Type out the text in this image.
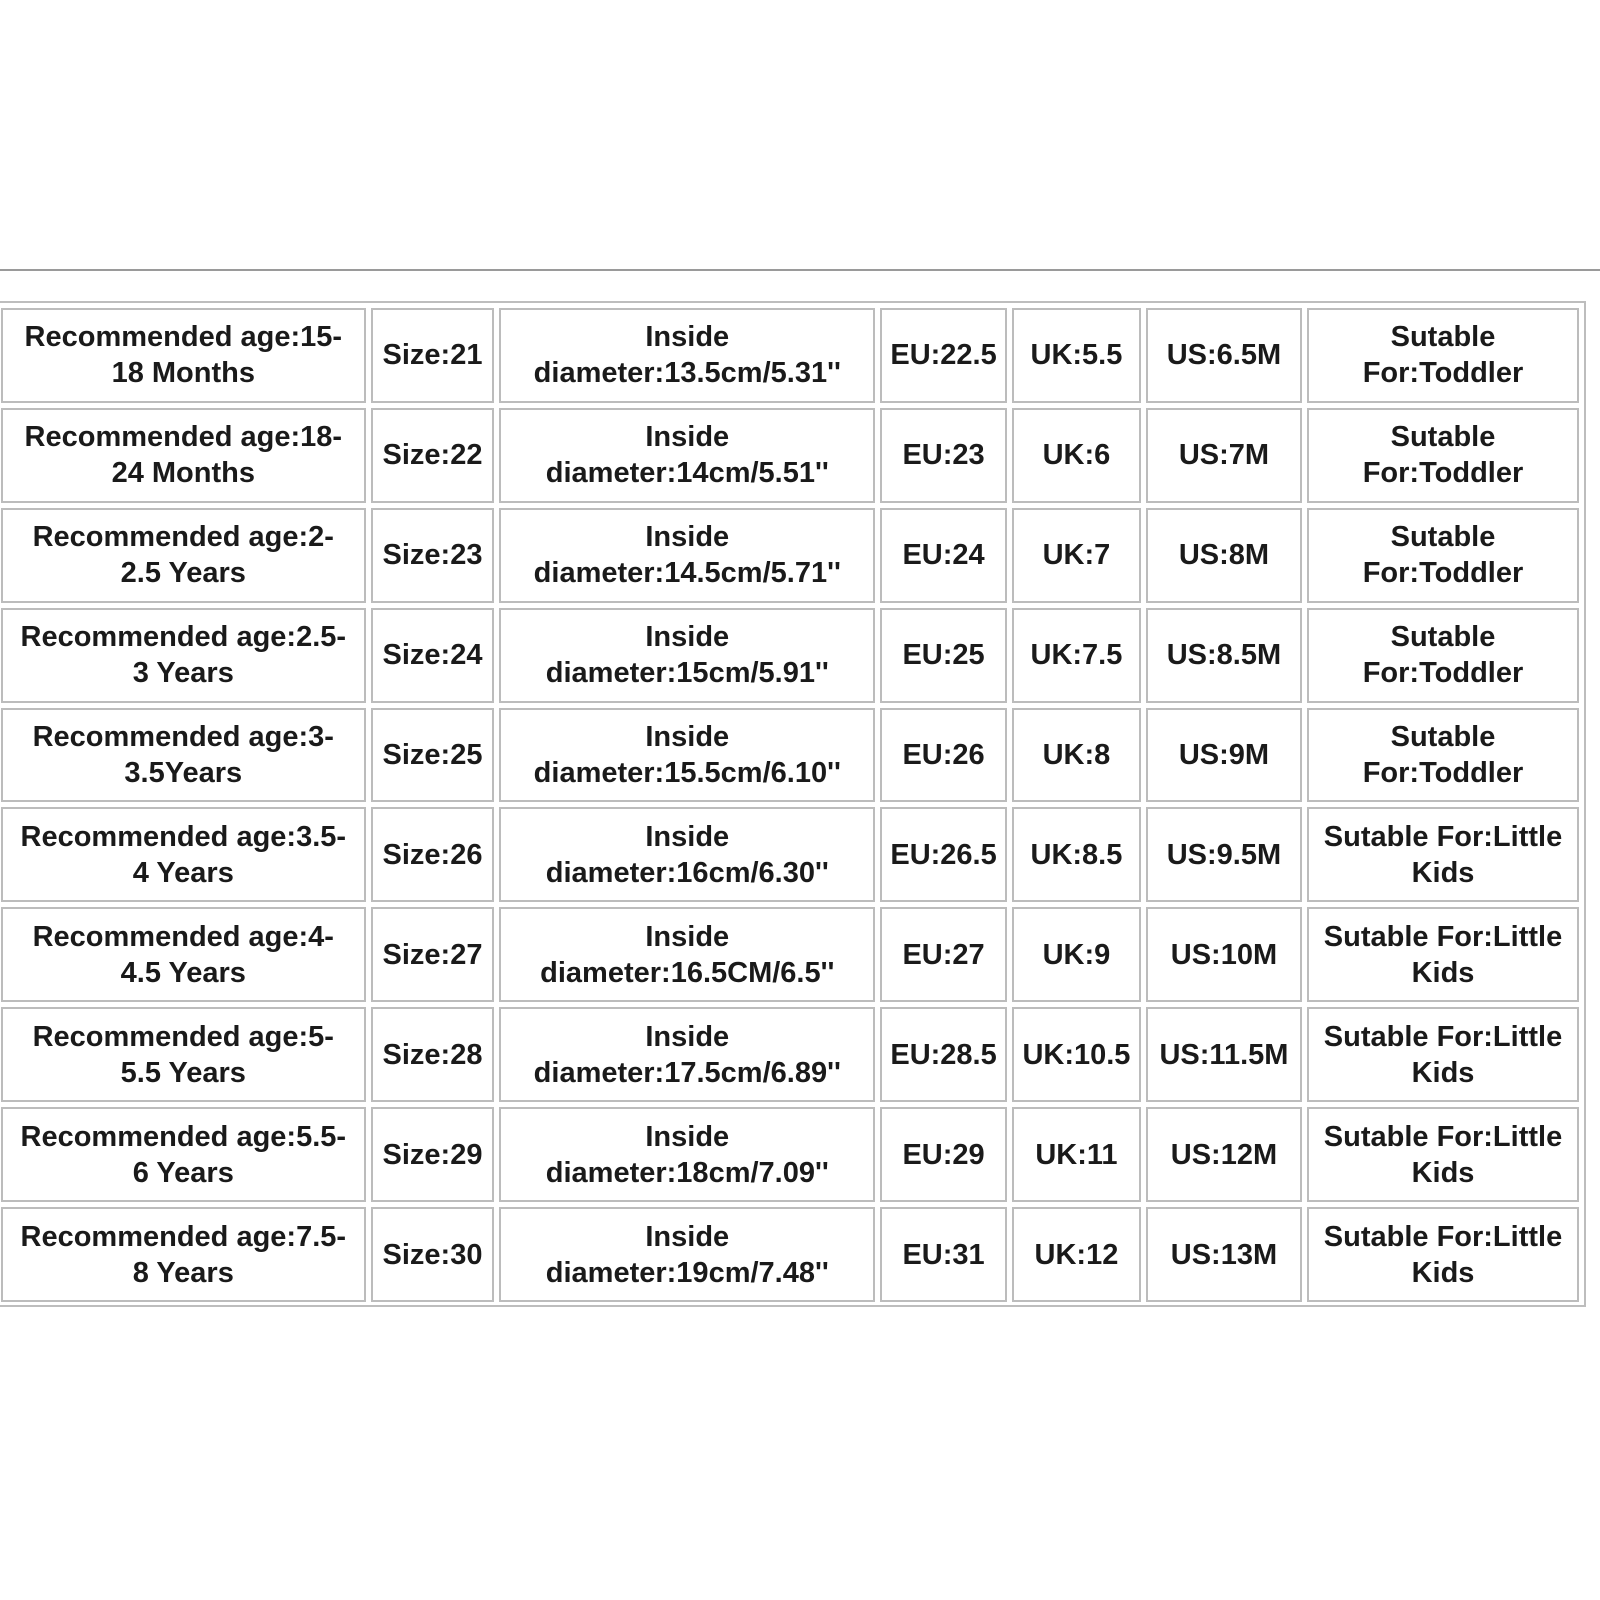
Recommended age:15-
18 Months	Size:21	Inside
diameter:13.5cm/5.31''	EU:22.5	UK:5.5	US:6.5M	Sutable
For:Toddler
Recommended age:18-
24 Months	Size:22	Inside
diameter:14cm/5.51''	EU:23	UK:6	US:7M	Sutable
For:Toddler
Recommended age:2-
2.5 Years	Size:23	Inside
diameter:14.5cm/5.71''	EU:24	UK:7	US:8M	Sutable
For:Toddler
Recommended age:2.5-
3 Years	Size:24	Inside
diameter:15cm/5.91''	EU:25	UK:7.5	US:8.5M	Sutable
For:Toddler
Recommended age:3-
3.5Years	Size:25	Inside
diameter:15.5cm/6.10''	EU:26	UK:8	US:9M	Sutable
For:Toddler
Recommended age:3.5-
4 Years	Size:26	Inside
diameter:16cm/6.30''	EU:26.5	UK:8.5	US:9.5M	Sutable For:Little
Kids
Recommended age:4-
4.5 Years	Size:27	Inside
diameter:16.5CM/6.5''	EU:27	UK:9	US:10M	Sutable For:Little
Kids
Recommended age:5-
5.5 Years	Size:28	Inside
diameter:17.5cm/6.89''	EU:28.5	UK:10.5	US:11.5M	Sutable For:Little
Kids
Recommended age:5.5-
6 Years	Size:29	Inside
diameter:18cm/7.09''	EU:29	UK:11	US:12M	Sutable For:Little
Kids
Recommended age:7.5-
8 Years	Size:30	Inside
diameter:19cm/7.48''	EU:31	UK:12	US:13M	Sutable For:Little
Kids
